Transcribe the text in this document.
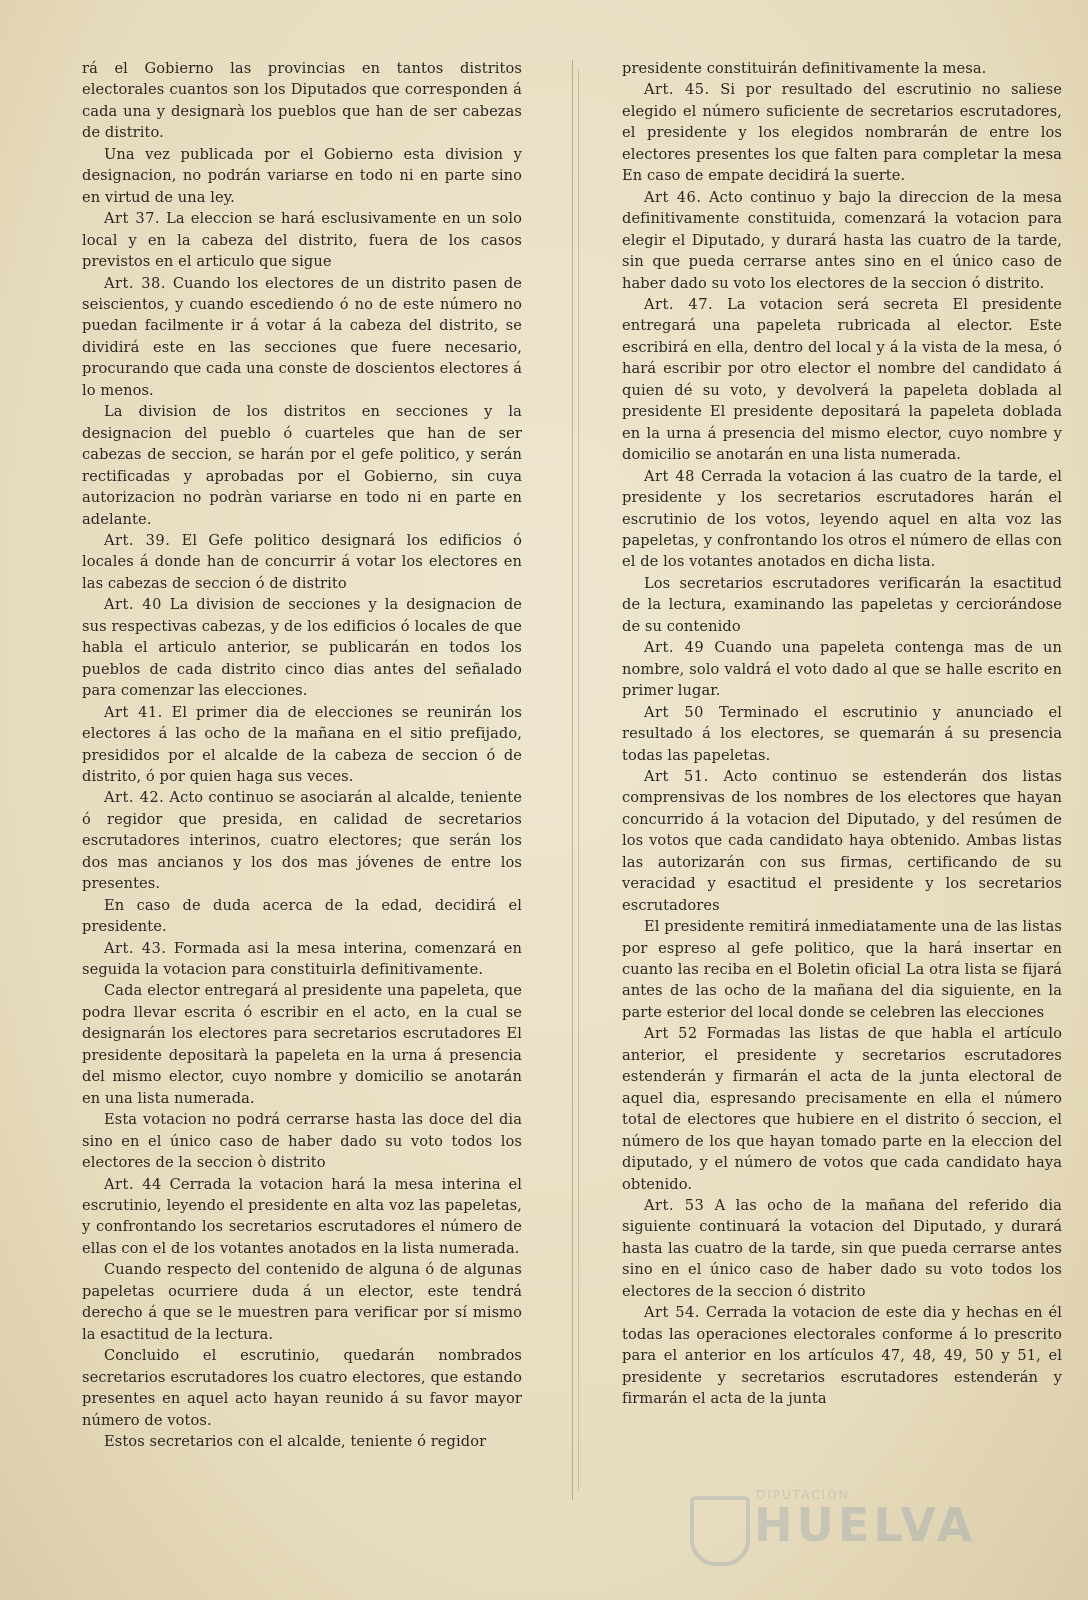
rá el Gobierno las provincias en tantos distritos electorales cuantos son los Diputados que corresponden á cada una y designarà los pueblos que han de ser cabezas de distrito.

Una vez publicada por el Gobierno esta division y designacion, no podrán variarse en todo ni en parte sino en virtud de una ley.

Art 37. La eleccion se hará esclusivamente en un solo local y en la cabeza del distrito, fuera de los casos previstos en el articulo que sigue

Art. 38. Cuando los electores de un distrito pasen de seiscientos, y cuando escediendo ó no de este número no puedan facilmente ir á votar á la cabeza del distrito, se dividirá este en las secciones que fuere necesario, procurando que cada una conste de doscientos electores á lo menos.

La division de los distritos en secciones y la designacion del pueblo ó cuarteles que han de ser cabezas de seccion, se harán por el gefe politico, y serán rectificadas y aprobadas por el Gobierno, sin cuya autorizacion no podràn variarse en todo ni en parte en adelante.

Art. 39. El Gefe politico designará los edificios ó locales á donde han de concurrir á votar los electores en las cabezas de seccion ó de distrito

Art. 40 La division de secciones y la designacion de sus respectivas cabezas, y de los edificios ó locales de que habla el articulo anterior, se publicarán en todos los pueblos de cada distrito cinco dias antes del señalado para comenzar las elecciones.

Art 41. El primer dia de elecciones se reunirán los electores á las ocho de la mañana en el sitio prefijado, presididos por el alcalde de la cabeza de seccion ó de distrito, ó por quien haga sus veces.

Art. 42. Acto continuo se asociarán al alcalde, teniente ó regidor que presida, en calidad de secretarios escrutadores interinos, cuatro electores; que serán los dos mas ancianos y los dos mas jóvenes de entre los presentes.

En caso de duda acerca de la edad, decidirá el presidente.

Art. 43. Formada asi la mesa interina, comenzará en seguida la votacion para constituirla definitivamente.

Cada elector entregará al presidente una papeleta, que podra llevar escrita ó escribir en el acto, en la cual se designarán los electores para secretarios escrutadores El presidente depositarà la papeleta en la urna á presencia del mismo elector, cuyo nombre y domicilio se anotarán en una lista numerada.

Esta votacion no podrá cerrarse hasta las doce del dia sino en el único caso de haber dado su voto todos los electores de la seccion ò distrito

Art. 44 Cerrada la votacion hará la mesa interina el escrutinio, leyendo el presidente en alta voz las papeletas, y confrontando los secretarios escrutadores el número de ellas con el de los votantes anotados en la lista numerada.

Cuando respecto del contenido de alguna ó de algunas papeletas ocurriere duda á un elector, este tendrá derecho á que se le muestren para verificar por sí mismo la esactitud de la lectura.

Concluido el escrutinio, quedarán nombrados secretarios escrutadores los cuatro electores, que estando presentes en aquel acto hayan reunido á su favor mayor número de votos.

Estos secretarios con el alcalde, teniente ó regidor

presidente constituirán definitivamente la mesa.

Art. 45. Si por resultado del escrutinio no saliese elegido el número suficiente de secretarios escrutadores, el presidente y los elegidos nombrarán de entre los electores presentes los que falten para completar la mesa En caso de empate decidirá la suerte.

Art 46. Acto continuo y bajo la direccion de la mesa definitivamente constituida, comenzará la votacion para elegir el Diputado, y durará hasta las cuatro de la tarde, sin que pueda cerrarse antes sino en el único caso de haber dado su voto los electores de la seccion ó distrito.

Art. 47. La votacion será secreta El presidente entregará una papeleta rubricada al elector. Este escribirá en ella, dentro del local y á la vista de la mesa, ó hará escribir por otro elector el nombre del candidato á quien dé su voto, y devolverá la papeleta doblada al presidente El presidente depositará la papeleta doblada en la urna á presencia del mismo elector, cuyo nombre y domicilio se anotarán en una lista numerada.

Art 48 Cerrada la votacion á las cuatro de la tarde, el presidente y los secretarios escrutadores harán el escrutinio de los votos, leyendo aquel en alta voz las papeletas, y confrontando los otros el número de ellas con el de los votantes anotados en dicha lista.

Los secretarios escrutadores verificarán la esactitud de la lectura, examinando las papeletas y cerciorándose de su contenido

Art. 49 Cuando una papeleta contenga mas de un nombre, solo valdrá el voto dado al que se halle escrito en primer lugar.

Art 50 Terminado el escrutinio y anunciado el resultado á los electores, se quemarán á su presencia todas las papeletas.

Art 51. Acto continuo se estenderán dos listas comprensivas de los nombres de los electores que hayan concurrido á la votacion del Diputado, y del resúmen de los votos que cada candidato haya obtenido. Ambas listas las autorizarán con sus firmas, certificando de su veracidad y esactitud el presidente y los secretarios escrutadores

El presidente remitirá inmediatamente una de las listas por espreso al gefe politico, que la hará insertar en cuanto las reciba en el Boletin oficial La otra lista se fijará antes de las ocho de la mañana del dia siguiente, en la parte esterior del local donde se celebren las elecciones

Art 52 Formadas las listas de que habla el artículo anterior, el presidente y secretarios escrutadores estenderán y firmarán el acta de la junta electoral de aquel dia, espresando precisamente en ella el número total de electores que hubiere en el distrito ó seccion, el número de los que hayan tomado parte en la eleccion del diputado, y el número de votos que cada candidato haya obtenido.

Art. 53 A las ocho de la mañana del referido dia siguiente continuará la votacion del Diputado, y durará hasta las cuatro de la tarde, sin que pueda cerrarse antes sino en el único caso de haber dado su voto todos los electores de la seccion ó distrito

Art 54. Cerrada la votacion de este dia y hechas en él todas las operaciones electorales conforme á lo prescrito para el anterior en los artículos 47, 48, 49, 50 y 51, el presidente y secretarios escrutadores estenderán y firmarán el acta de la junta

DIPUTACIÓN
HUELVA
